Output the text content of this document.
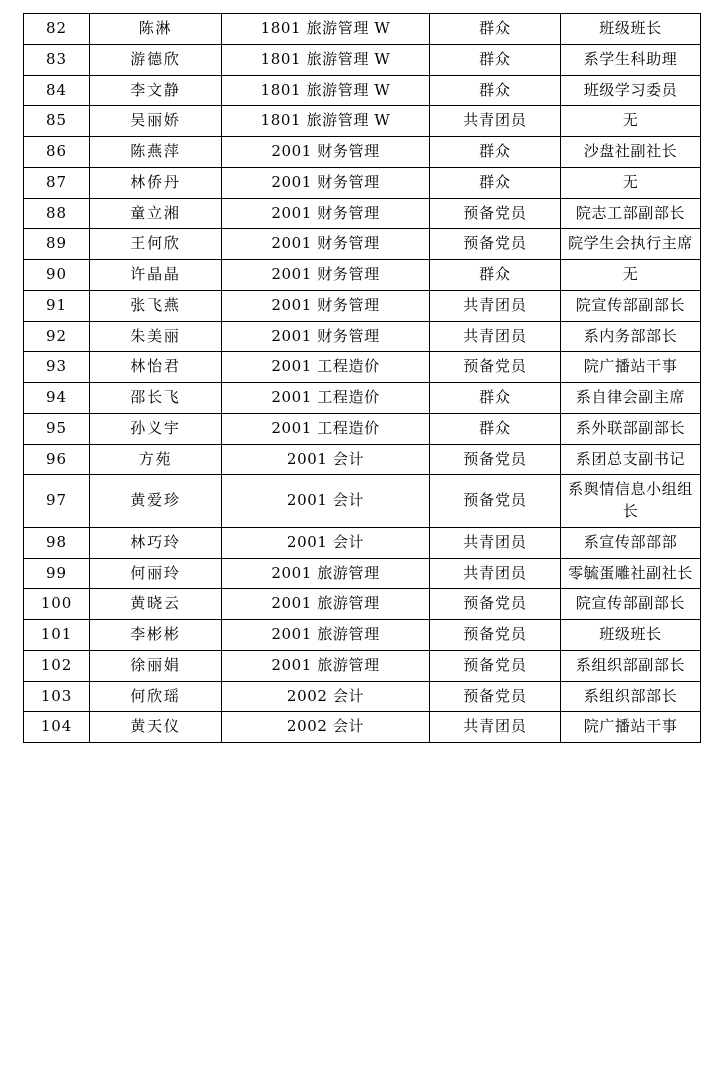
82	陈淋	1801 旅游管理 W	群众	班级班长
83	游德欣	1801 旅游管理 W	群众	系学生科助理
84	李文静	1801 旅游管理 W	群众	班级学习委员
85	吴丽娇	1801 旅游管理 W	共青团员	无
86	陈燕萍	2001 财务管理	群众	沙盘社副社长
87	林侨丹	2001 财务管理	群众	无
88	童立湘	2001 财务管理	预备党员	院志工部副部长
89	王何欣	2001 财务管理	预备党员	院学生会执行主席
90	许晶晶	2001 财务管理	群众	无
91	张飞燕	2001 财务管理	共青团员	院宣传部副部长
92	朱美丽	2001 财务管理	共青团员	系内务部部长
93	林怡君	2001 工程造价	预备党员	院广播站干事
94	邵长飞	2001 工程造价	群众	系自律会副主席
95	孙义宇	2001 工程造价	群众	系外联部副部长
96	方苑	2001 会计	预备党员	系团总支副书记
97	黄爱珍	2001 会计	预备党员	系舆情信息小组组长
98	林巧玲	2001 会计	共青团员	系宣传部部部
99	何丽玲	2001 旅游管理	共青团员	零毓蛋雕社副社长
100	黄晓云	2001 旅游管理	预备党员	院宣传部副部长
101	李彬彬	2001 旅游管理	预备党员	班级班长
102	徐丽娟	2001 旅游管理	预备党员	系组织部副部长
103	何欣瑶	2002 会计	预备党员	系组织部部长
104	黄天仪	2002 会计	共青团员	院广播站干事
